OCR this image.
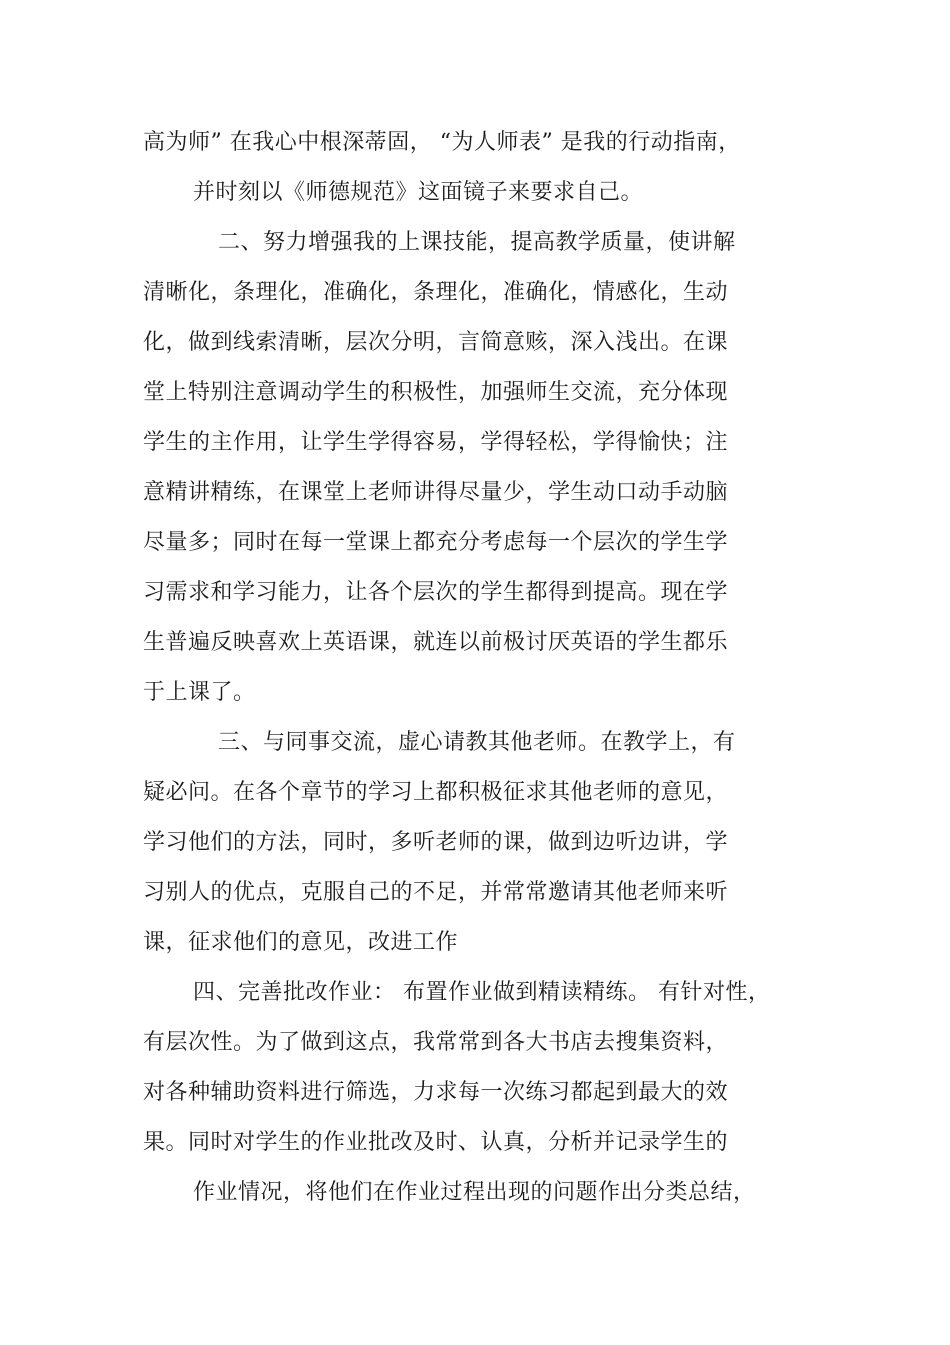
高为师” 在我心中根深蒂固， “为人师表” 是我的行动指南，
并时刻以《师德规范》这面镜子来要求自己。
二、努力增强我的上课技能，提高教学质量，使讲解
清晰化，条理化，准确化，条理化，准确化，情感化，生动
化，做到线索清晰，层次分明，言简意赅，深入浅出。在课
堂上特别注意调动学生的积极性，加强师生交流，充分体现
学生的主作用，让学生学得容易，学得轻松，学得愉快；注
意精讲精练，在课堂上老师讲得尽量少，学生动口动手动脑
尽量多；同时在每一堂课上都充分考虑每一个层次的学生学
习需求和学习能力，让各个层次的学生都得到提高。现在学
生普遍反映喜欢上英语课，就连以前极讨厌英语的学生都乐
于上课了。
三、与同事交流，虚心请教其他老师。在教学上，有
疑必问。在各个章节的学习上都积极征求其他老师的意见，
学习他们的方法，同时，多听老师的课，做到边听边讲，学
习别人的优点，克服自己的不足，并常常邀请其他老师来听
课，征求他们的意见，改进工作
四、完善批改作业： 布置作业做到精读精练。 有针对性，
有层次性。为了做到这点，我常常到各大书店去搜集资料，
对各种辅助资料进行筛选，力求每一次练习都起到最大的效
果。同时对学生的作业批改及时、认真，分析并记录学生的
作业情况，将他们在作业过程出现的问题作出分类总结，
